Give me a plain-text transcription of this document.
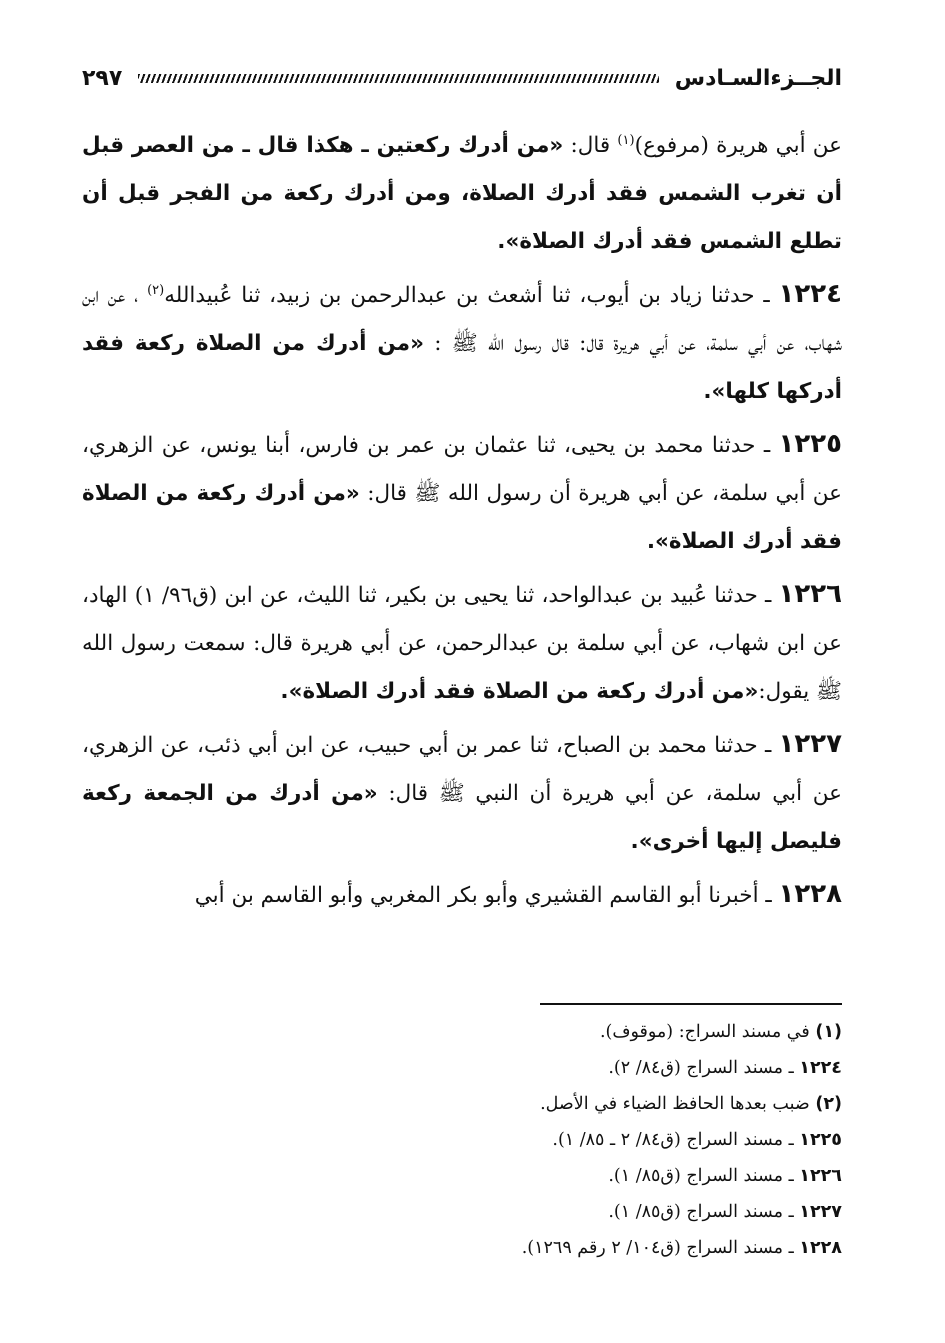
الجــزءالسـادس
٢٩٧

عن أبي هريرة (مرفوع)$^{(١)}$ قال: «من أدرك ركعتين ـ هكذا قال ـ من العصر قبل أن تغرب الشمس فقد أدرك الصلاة، ومن أدرك ركعة من الفجر قبل أن تطلع الشمس فقد أدرك الصلاة».

١٢٢٤ ـ حدثنا زياد بن أيوب، ثنا أشعث بن عبدالرحمن بن زبيد، ثنا عُبيدالله$^{(٢)}$ ، عن ابن شهاب، عن أبي سلمة، عن أبي هريرة قال: قال رسول الله ﷺ : «من أدرك من الصلاة ركعة فقد أدركها كلها».

١٢٢٥ ـ حدثنا محمد بن يحيى، ثنا عثمان بن عمر بن فارس، أبنا يونس، عن الزهري، عن أبي سلمة، عن أبي هريرة أن رسول الله ﷺ قال: «من أدرك ركعة من الصلاة فقد أدرك الصلاة».

١٢٢٦ ـ حدثنا عُبيد بن عبدالواحد، ثنا يحيى بن بكير، ثنا الليث، عن ابن (ق٩٦/ ١) الهاد، عن ابن شهاب، عن أبي سلمة بن عبدالرحمن، عن أبي هريرة قال: سمعت رسول الله ﷺ يقول:«من أدرك ركعة من الصلاة فقد أدرك الصلاة».

١٢٢٧ ـ حدثنا محمد بن الصباح، ثنا عمر بن أبي حبيب، عن ابن أبي ذئب، عن الزهري، عن أبي سلمة، عن أبي هريرة أن النبي ﷺ قال: «من أدرك من الجمعة ركعة فليصل إليها أخرى».

١٢٢٨ ـ أخبرنا أبو القاسم القشيري وأبو بكر المغربي وأبو القاسم بن أبي

(١) في مسند السراج: (موقوف).

١٢٢٤ ـ مسند السراج (ق٨٤/ ٢).

(٢) ضبب بعدها الحافظ الضياء في الأصل.

١٢٢٥ ـ مسند السراج (ق٨٤/ ٢ ـ ٨٥/ ١).

١٢٢٦ ـ مسند السراج (ق٨٥/ ١).

١٢٢٧ ـ مسند السراج (ق٨٥/ ١).

١٢٢٨ ـ مسند السراج (ق١٠٤/ ٢ رقم ١٢٦٩).
